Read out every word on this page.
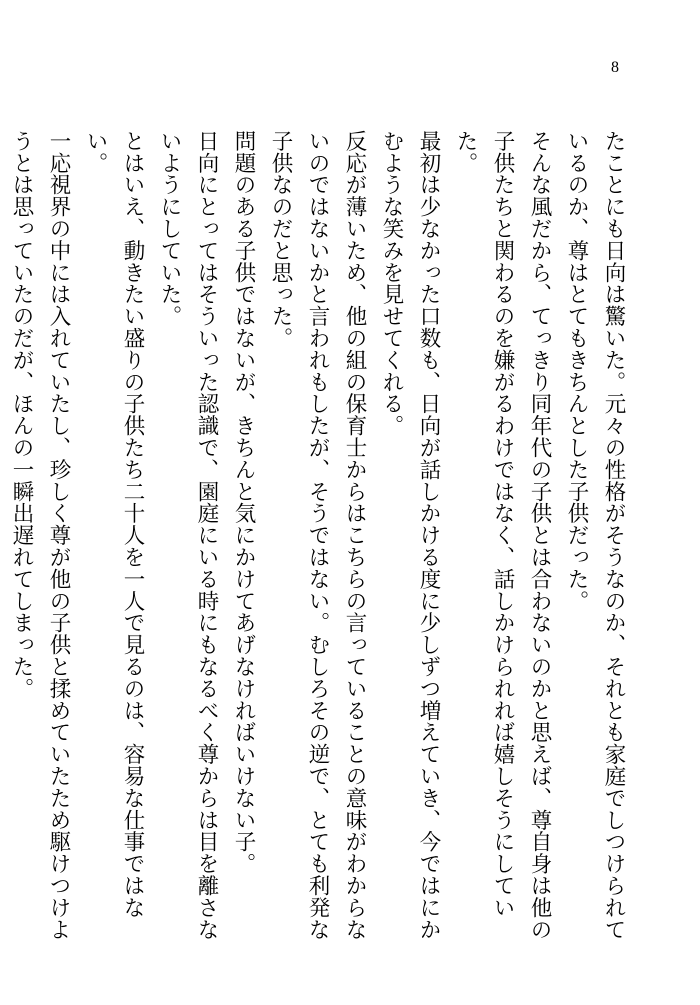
8

たことにも日向は驚いた。元々の性格がそうなのか、それとも家庭でしつけられているのか、尊はとてもきちんとした子供だった。

そんな風だから、てっきり同年代の子供とは合わないのかと思えば、尊自身は他の子供たちと関わるのを嫌がるわけではなく、話しかけられれば嬉しそうにしていた。

最初は少なかった口数も、日向が話しかける度に少しずつ増えていき、今ではにかむような笑みを見せてくれる。

反応が薄いため、他の組の保育士からはこちらの言っていることの意味がわからないのではないかと言われもしたが、そうではない。むしろその逆で、とても利発な子供なのだと思った。

問題のある子供ではないが、きちんと気にかけてあげなければいけない子。

日向にとってはそういった認識で、園庭にいる時にもなるべく尊からは目を離さないようにしていた。

とはいえ、動きたい盛りの子供たち二十人を一人で見るのは、容易な仕事ではない。

一応視界の中には入れていたし、珍しく尊が他の子供と揉めていたため駆けつけようとは思っていたのだが、ほんの一瞬出遅れてしまった。
